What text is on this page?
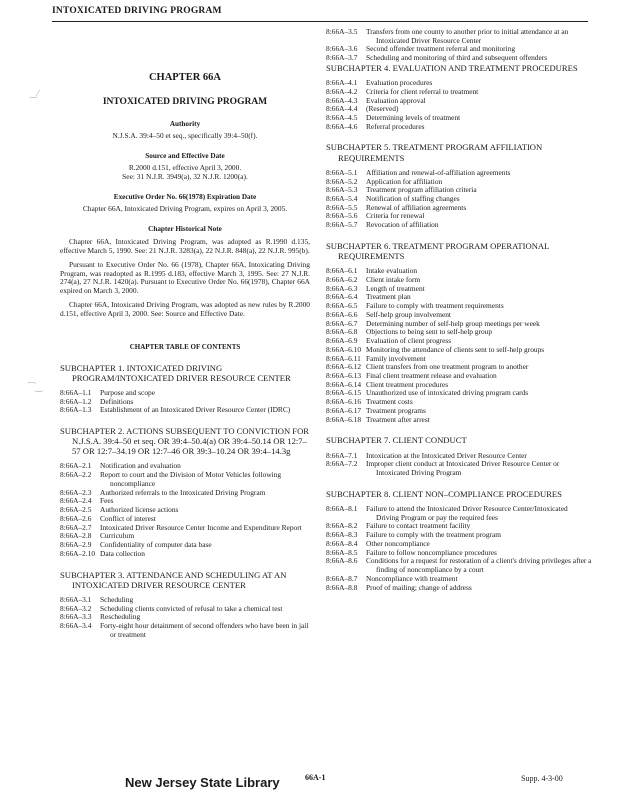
INTOXICATED DRIVING PROGRAM
‿⁄
⁀‿
CHAPTER 66A
INTOXICATED DRIVING PROGRAM
Authority
N.J.S.A. 39:4–50 et seq., specifically 39:4–50(f).
Source and Effective Date
R.2000 d.151, effective April 3, 2000.
See: 31 N.J.R. 3949(a), 32 N.J.R. 1200(a).
Executive Order No. 66(1978) Expiration Date
Chapter 66A, Intoxicated Driving Program, expires on April 3, 2005.
Chapter Historical Note
Chapter 66A, Intoxicated Driving Program, was adopted as R.1990 d.135, effective March 5, 1990. See: 21 N.J.R. 3283(a), 22 N.J.R. 848(a), 22 N.J.R. 995(b).
Pursuant to Executive Order No. 66 (1978), Chapter 66A, Intoxicating Driving Program, was readopted as R.1995 d.183, effective March 3, 1995. See: 27 N.J.R. 274(a), 27 N.J.R. 1420(a). Pursuant to Executive Order No. 66(1978), Chapter 66A expired on March 3, 2000.
Chapter 66A, Intoxicated Driving Program, was adopted as new rules by R.2000 d.151, effective April 3, 2000. See: Source and Effective Date.
CHAPTER TABLE OF CONTENTS
SUBCHAPTER 1. INTOXICATED DRIVING PROGRAM/INTOXICATED DRIVER RESOURCE CENTER
8:66A–1.1	Purpose and scope
8:66A–1.2	Definitions
8:66A–1.3	Establishment of an Intoxicated Driver Resource Center (IDRC)
SUBCHAPTER 2. ACTIONS SUBSEQUENT TO CONVICTION FOR N.J.S.A. 39:4–50 et seq. OR 39:4–50.4(a) OR 39:4–50.14 OR 12:7–57 OR 12:7–34.19 OR 12:7–46 OR 39:3–10.24 OR 39:4–14.3g
8:66A–2.1	Notification and evaluation
8:66A–2.2	Report to court and the Division of Motor Vehicles following noncompliance
8:66A–2.3	Authorized referrals to the Intoxicated Driving Program
8:66A–2.4	Fees
8:66A–2.5	Authorized license actions
8:66A–2.6	Conflict of interest
8:66A–2.7	Intoxicated Driver Resource Center Income and Expenditure Report
8:66A–2.8	Curriculum
8:66A–2.9	Confidentiality of computer data base
8:66A–2.10 Data collection
SUBCHAPTER 3. ATTENDANCE AND SCHEDULING AT AN INTOXICATED DRIVER RESOURCE CENTER
8:66A–3.1	Scheduling
8:66A–3.2	Scheduling clients convicted of refusal to take a chemical test
8:66A–3.3	Rescheduling
8:66A–3.4	Forty-eight hour detainment of second offenders who have been in jail or treatment
8:66A–3.5	Transfers from one county to another prior to initial attendance at an Intoxicated Driver Resource Center
8:66A–3.6	Second offender treatment referral and monitoring
8:66A–3.7	Scheduling and monitoring of third and subsequent offenders
SUBCHAPTER 4. EVALUATION AND TREATMENT PROCEDURES
8:66A–4.1	Evaluation procedures
8:66A–4.2	Criteria for client referral to treatment
8:66A–4.3	Evaluation approval
8:66A–4.4	(Reserved)
8:66A–4.5	Determining levels of treatment
8:66A–4.6	Referral procedures
SUBCHAPTER 5. TREATMENT PROGRAM AFFILIATION REQUIREMENTS
8:66A–5.1	Affiliation and renewal-of-affiliation agreements
8:66A–5.2	Application for affiliation
8:66A–5.3	Treatment program affiliation criteria
8:66A–5.4	Notification of staffing changes
8:66A–5.5	Renewal of affiliation agreements
8:66A–5.6	Criteria for renewal
8:66A–5.7	Revocation of affiliation
SUBCHAPTER 6. TREATMENT PROGRAM OPERATIONAL REQUIREMENTS
8:66A–6.1	Intake evaluation
8:66A–6.2	Client intake form
8:66A–6.3	Length of treatment
8:66A–6.4	Treatment plan
8:66A–6.5	Failure to comply with treatment requirements
8:66A–6.6	Self-help group involvement
8:66A–6.7	Determining number of self-help group meetings per week
8:66A–6.8	Objections to being sent to self-help group
8:66A–6.9	Evaluation of client progress
8:66A–6.10 Monitoring the attendance of clients sent to self-help groups
8:66A–6.11 Family involvement
8:66A–6.12 Client transfers from one treatment program to another
8:66A–6.13 Final client treatment release and evaluation
8:66A–6.14 Client treatment procedures
8:66A–6.15 Unauthorized use of intoxicated driving program cards
8:66A–6.16 Treatment costs
8:66A–6.17 Treatment programs
8:66A–6.18 Treatment after arrest
SUBCHAPTER 7. CLIENT CONDUCT
8:66A–7.1	Intoxication at the Intoxicated Driver Resource Center
8:66A–7.2	Improper client conduct at Intoxicated Driver Resource Center or Intoxicated Driving Program
SUBCHAPTER 8. CLIENT NON–COMPLIANCE PROCEDURES
8:66A–8.1	Failure to attend the Intoxicated Driver Resource Center/Intoxicated Driving Program or pay the required fees
8:66A–8.2	Failure to contact treatment facility
8:66A–8.3	Failure to comply with the treatment program
8:66A–8.4	Other noncompliance
8:66A–8.5	Failure to follow noncompliance procedures
8:66A–8.6	Conditions for a request for restoration of a client's driving privileges after a finding of noncompliance by a court
8:66A–8.7	Noncompliance with treatment
8:66A–8.8	Proof of mailing; change of address
New Jersey State Library	66A-1	Supp. 4-3-00
